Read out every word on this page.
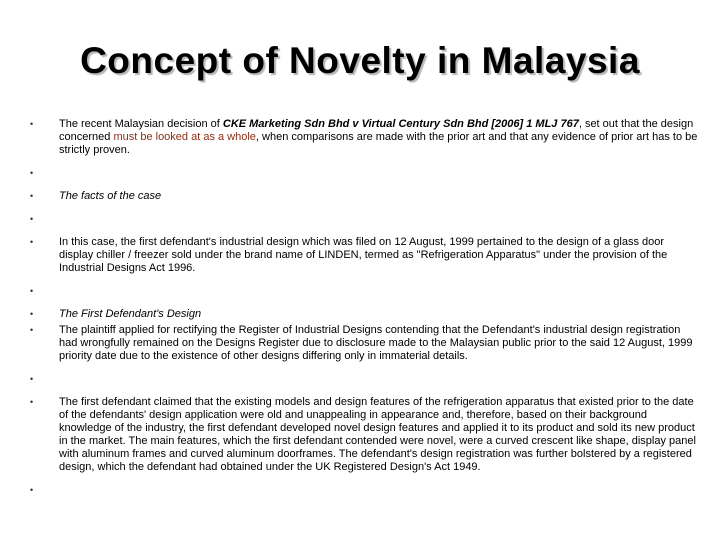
Concept of Novelty in Malaysia
• The recent Malaysian decision of CKE Marketing Sdn Bhd v Virtual Century Sdn Bhd [2006] 1 MLJ 767, set out that the design concerned must be looked at as a whole, when comparisons are made with the prior art and that any evidence of prior art has to be strictly proven.
•
• The facts of the case
•
• In this case, the first defendant's industrial design which was filed on 12 August, 1999 pertained to the design of a glass door display chiller / freezer sold under the brand name of LINDEN, termed as "Refrigeration Apparatus" under the provision of the Industrial Designs Act 1996.
•
• The First Defendant's Design
• The plaintiff applied for rectifying the Register of Industrial Designs contending that the Defendant's industrial design registration had wrongfully remained on the Designs Register due to disclosure made to the Malaysian public prior to the said 12 August, 1999 priority date due to the existence of other designs differing only in immaterial details.
•
• The first defendant claimed that the existing models and design features of the refrigeration apparatus that existed prior to the date of the defendants' design application were old and unappealing in appearance and, therefore, based on their background knowledge of the industry, the first defendant developed novel design features and applied it to its product and sold its new product in the market. The main features, which the first defendant contended were novel, were a curved crescent like shape, display panel with aluminum frames and curved aluminum doorframes. The defendant's design registration was further bolstered by a registered design, which the defendant had obtained under the UK Registered Design's Act 1949.
•
